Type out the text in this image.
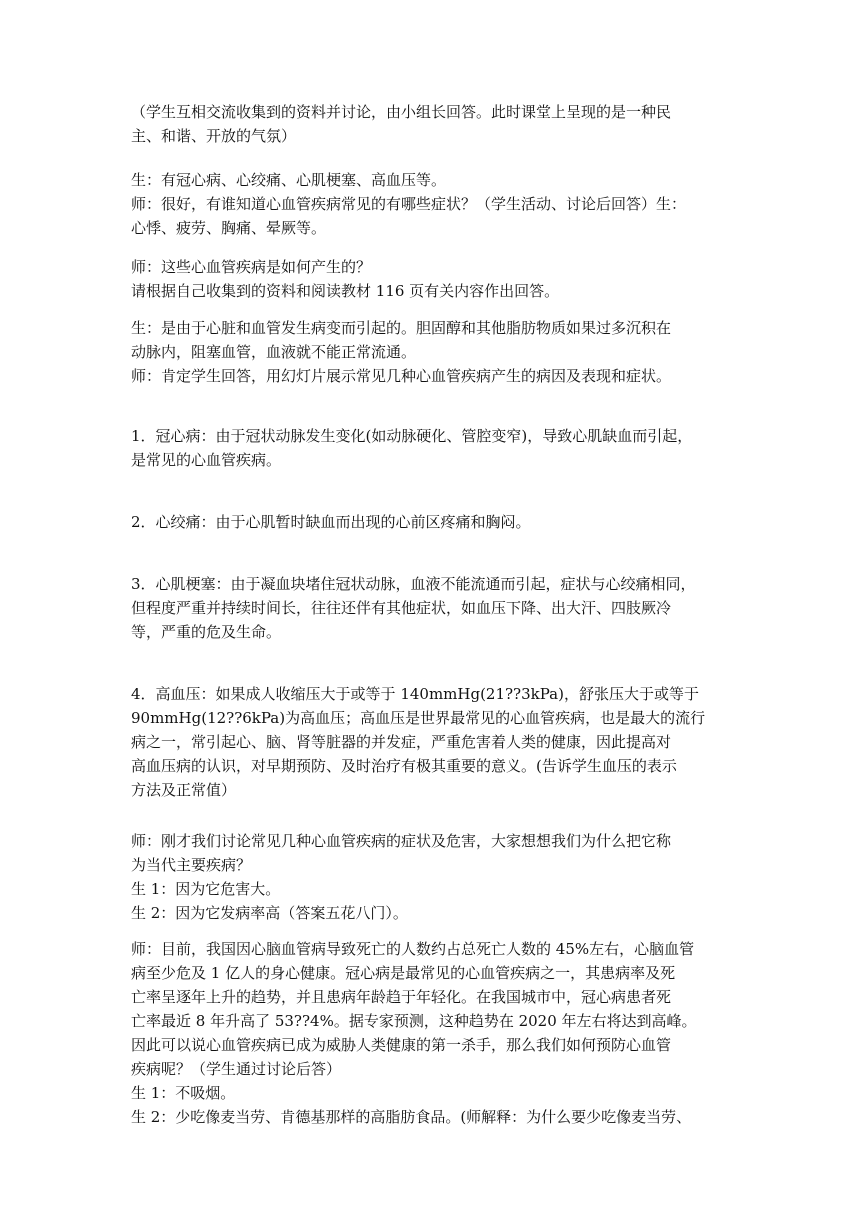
（学生互相交流收集到的资料并讨论，由小组长回答。此时课堂上呈现的是一种民
主、和谐、开放的气氛）

生：有冠心病、心绞痛、心肌梗塞、高血压等。
师：很好，有谁知道心血管疾病常见的有哪些症状？（学生活动、讨论后回答）生：
心悸、疲劳、胸痛、晕厥等。

师：这些心血管疾病是如何产生的？
请根据自己收集到的资料和阅读教材 116 页有关内容作出回答。

生：是由于心脏和血管发生病变而引起的。胆固醇和其他脂肪物质如果过多沉积在
动脉内，阻塞血管，血液就不能正常流通。
师：肯定学生回答，用幻灯片展示常见几种心血管疾病产生的病因及表现和症状。

1．冠心病：由于冠状动脉发生变化(如动脉硬化、管腔变窄)，导致心肌缺血而引起，
是常见的心血管疾病。

2．心绞痛：由于心肌暂时缺血而出现的心前区疼痛和胸闷。

3．心肌梗塞：由于凝血块堵住冠状动脉，血液不能流通而引起，症状与心绞痛相同，
但程度严重并持续时间长，往往还伴有其他症状，如血压下降、出大汗、四肢厥冷
等，严重的危及生命。

4．高血压：如果成人收缩压大于或等于 140mmHg(21??3kPa)，舒张压大于或等于
90mmHg(12??6kPa)为高血压；高血压是世界最常见的心血管疾病，也是最大的流行
病之一，常引起心、脑、肾等脏器的并发症，严重危害着人类的健康，因此提高对
高血压病的认识，对早期预防、及时治疗有极其重要的意义。(告诉学生血压的表示
方法及正常值）

师：刚才我们讨论常见几种心血管疾病的症状及危害，大家想想我们为什么把它称
为当代主要疾病？
生 1：因为它危害大。
生 2：因为它发病率高（答案五花八门）。

师：目前，我国因心脑血管病导致死亡的人数约占总死亡人数的 45%左右，心脑血管
病至少危及 1 亿人的身心健康。冠心病是最常见的心血管疾病之一，其患病率及死
亡率呈逐年上升的趋势，并且患病年龄趋于年轻化。在我国城市中，冠心病患者死
亡率最近 8 年升高了 53??4%。据专家预测，这种趋势在 2020 年左右将达到高峰。
因此可以说心血管疾病已成为威胁人类健康的第一杀手，那么我们如何预防心血管
疾病呢？（学生通过讨论后答）
生 1：不吸烟。
生 2：少吃像麦当劳、肯德基那样的高脂肪食品。(师解释：为什么要少吃像麦当劳、
